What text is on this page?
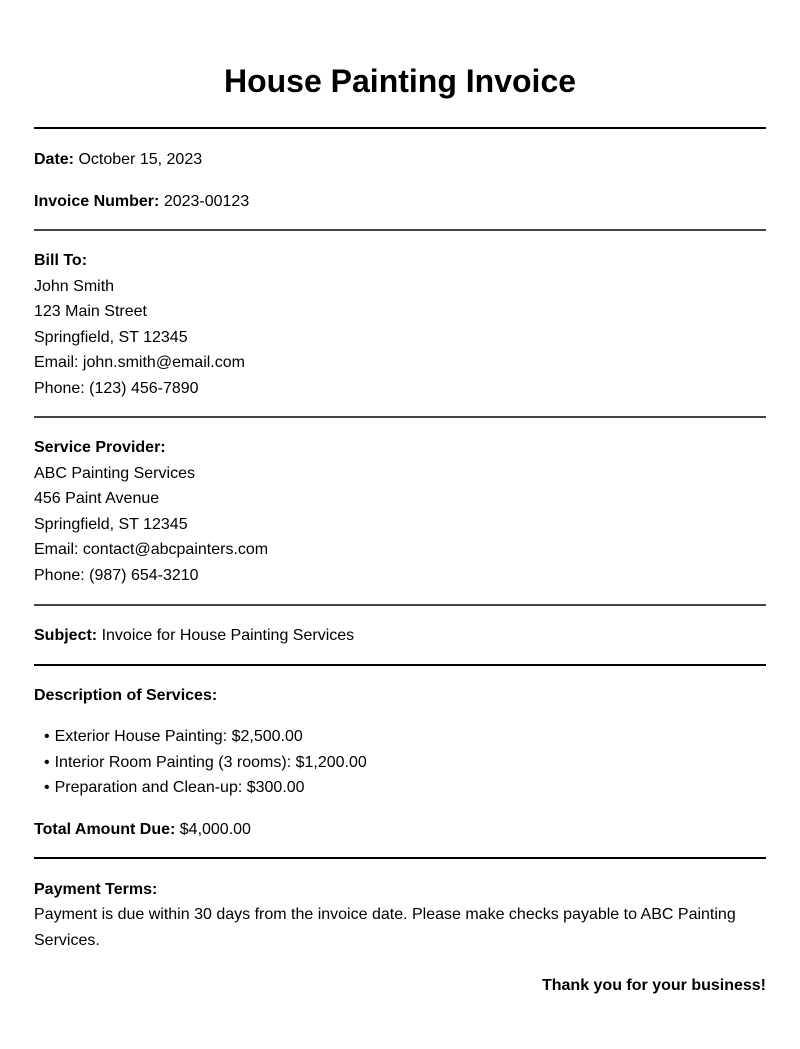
House Painting Invoice
Date: October 15, 2023
Invoice Number: 2023-00123
Bill To:
John Smith
123 Main Street
Springfield, ST 12345
Email: john.smith@email.com
Phone: (123) 456-7890
Service Provider:
ABC Painting Services
456 Paint Avenue
Springfield, ST 12345
Email: contact@abcpainters.com
Phone: (987) 654-3210
Subject: Invoice for House Painting Services
Description of Services:
• Exterior House Painting: $2,500.00
• Interior Room Painting (3 rooms): $1,200.00
• Preparation and Clean-up: $300.00
Total Amount Due: $4,000.00
Payment Terms:
Payment is due within 30 days from the invoice date. Please make checks payable to ABC Painting Services.
Thank you for your business!
